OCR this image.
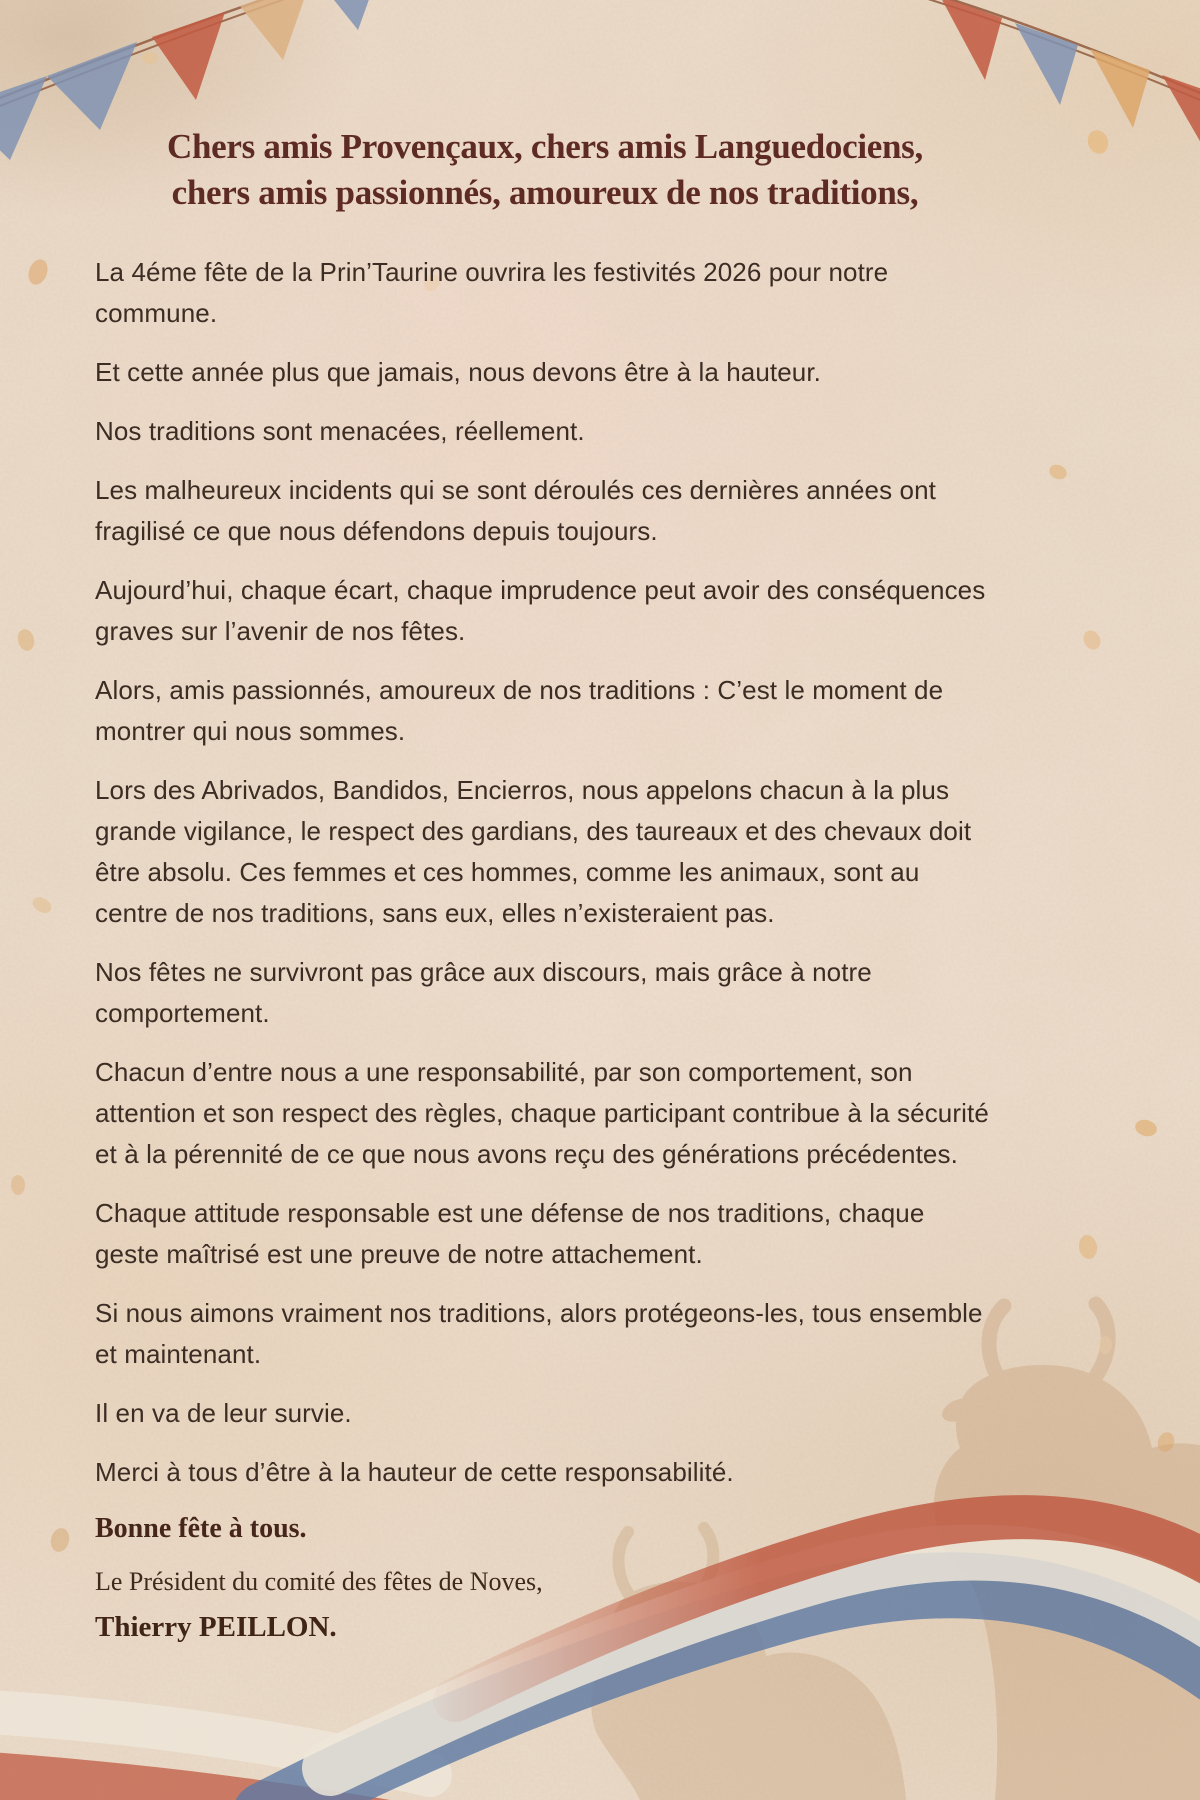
Chers amis Provençaux, chers amis Languedociens,
chers amis passionnés, amoureux de nos traditions,

La 4éme fête de la Prin’Taurine ouvrira les festivités 2026 pour notre commune.

Et cette année plus que jamais, nous devons être à la hauteur.

Nos traditions sont menacées, réellement.

Les malheureux incidents qui se sont déroulés ces dernières années ont fragilisé ce que nous défendons depuis toujours.

Aujourd’hui, chaque écart, chaque imprudence peut avoir des conséquences graves sur l’avenir de nos fêtes.

Alors, amis passionnés, amoureux de nos traditions : C’est le moment de montrer qui nous sommes.

Lors des Abrivados, Bandidos, Encierros, nous appelons chacun à la plus grande vigilance, le respect des gardians, des taureaux et des chevaux doit être absolu. Ces femmes et ces hommes, comme les animaux, sont au centre de nos traditions, sans eux, elles n’existeraient pas.

Nos fêtes ne survivront pas grâce aux discours, mais grâce à notre comportement.

Chacun d’entre nous a une responsabilité, par son comportement, son attention et son respect des règles, chaque participant contribue à la sécurité et à la pérennité de ce que nous avons reçu des générations précédentes.

Chaque attitude responsable est une défense de nos traditions, chaque geste maîtrisé est une preuve de notre attachement.

Si nous aimons vraiment nos traditions, alors protégeons-les, tous ensemble et maintenant.

Il en va de leur survie.

Merci à tous d’être à la hauteur de cette responsabilité.

Bonne fête à tous.
Le Président du comité des fêtes de Noves,
Thierry PEILLON.
